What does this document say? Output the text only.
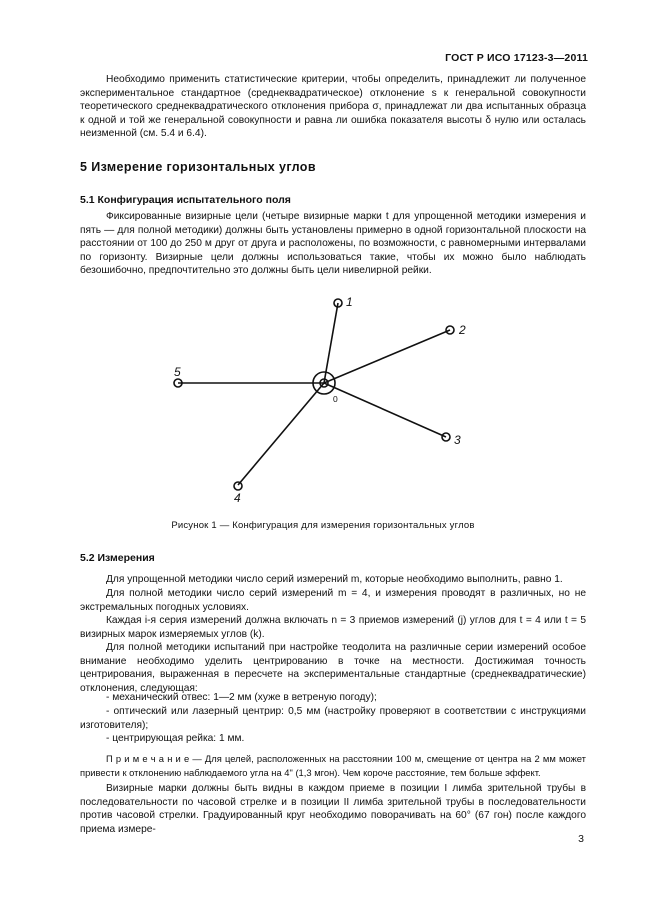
ГОСТ Р ИСО 17123-3—2011
Необходимо применить статистические критерии, чтобы определить, принадлежит ли полученное экспериментальное стандартное (среднеквадратическое) отклонение s к генеральной совокупности теоретического среднеквадратического отклонения прибора σ, принадлежат ли два испытанных образца к одной и той же генеральной совокупности и равна ли ошибка показателя высоты δ нулю или осталась неизменной (см. 5.4 и 6.4).
5 Измерение горизонтальных углов
5.1 Конфигурация испытательного поля
Фиксированные визирные цели (четыре визирные марки t для упрощенной методики измерения и пять — для полной методики) должны быть установлены примерно в одной горизонтальной плоскости на расстоянии от 100 до 250 м друг от друга и расположены, по возможности, с равномерными интервалами по горизонту. Визирные цели должны использоваться такие, чтобы их можно было наблюдать безошибочно, предпочтительно это должны быть цели нивелирной рейки.
1
2
3
4
5
0
Рисунок 1 — Конфигурация для измерения горизонтальных углов
5.2 Измерения
Для упрощенной методики число серий измерений m, которые необходимо выполнить, равно 1.
Для полной методики число серий измерений m = 4, и измерения проводят в различных, но не экстремальных погодных условиях.
Каждая i-я серия измерений должна включать n = 3 приемов измерений (j) углов для t = 4 или t = 5 визирных марок измеряемых углов (k).
Для полной методики испытаний при настройке теодолита на различные серии измерений особое внимание необходимо уделить центрированию в точке на местности. Достижимая точность центрирования, выраженная в пересчете на экспериментальные стандартные (среднеквадратические) отклонения, следующая:
- механический отвес: 1—2 мм (хуже в ветреную погоду);
- оптический или лазерный центрир: 0,5 мм (настройку проверяют в соответствии с инструкциями изготовителя);
- центрирующая рейка: 1 мм.
П р и м е ч а н и е — Для целей, расположенных на расстоянии 100 м, смещение от центра на 2 мм может привести к отклонению наблюдаемого угла на 4" (1,3 мгон). Чем короче расстояние, тем больше эффект.
Визирные марки должны быть видны в каждом приеме в позиции I лимба зрительной трубы в последовательности по часовой стрелке и в позиции II лимба зрительной трубы в последовательности против часовой стрелки. Градуированный круг необходимо поворачивать на 60° (67 гон) после каждого приема измере-
3
